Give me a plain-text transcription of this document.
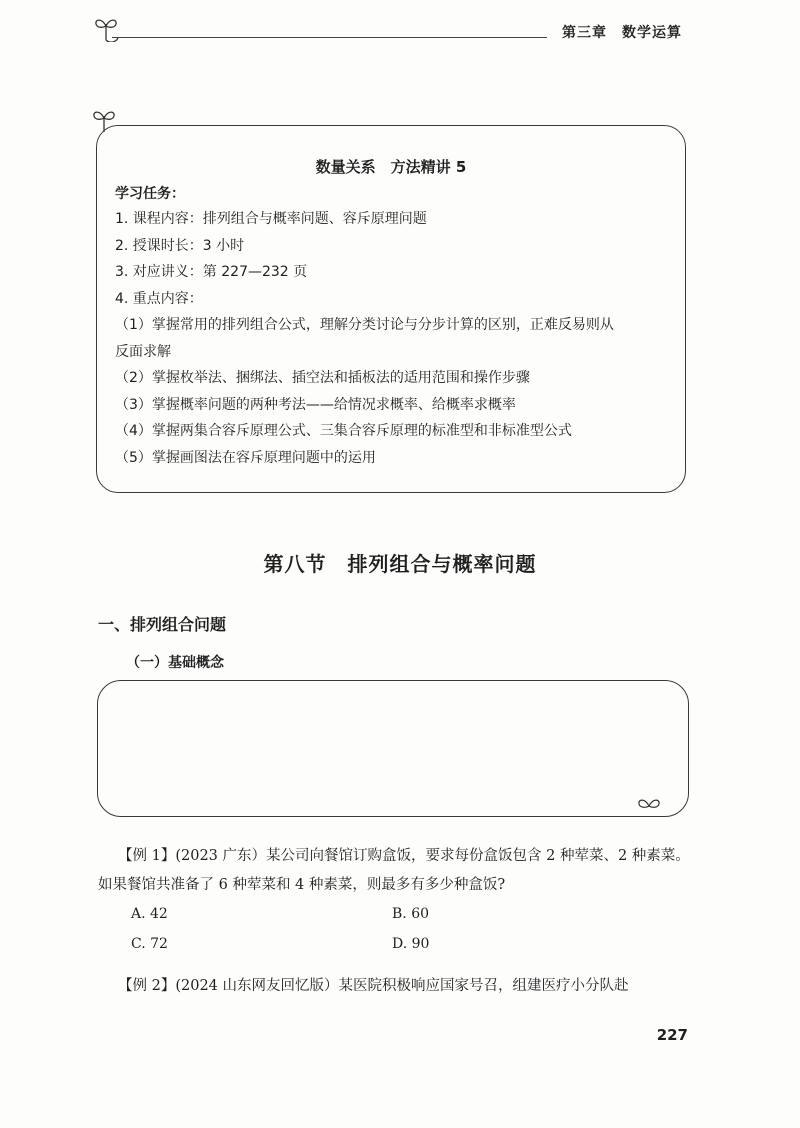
第三章　数学运算
数量关系　方法精讲 5
学习任务：
1. 课程内容：排列组合与概率问题、容斥原理问题
2. 授课时长：3 小时
3. 对应讲义：第 227—232 页
4. 重点内容：
（1）掌握常用的排列组合公式，理解分类讨论与分步计算的区别，正难反易则从
反面求解
（2）掌握枚举法、捆绑法、插空法和插板法的适用范围和操作步骤
（3）掌握概率问题的两种考法——给情况求概率、给概率求概率
（4）掌握两集合容斥原理公式、三集合容斥原理的标准型和非标准型公式
（5）掌握画图法在容斥原理问题中的运用
第八节　排列组合与概率问题
一、排列组合问题
（一）基础概念
【例 1】(2023 广东）某公司向餐馆订购盒饭，要求每份盒饭包含 2 种荤菜、2 种素菜。如果餐馆共准备了 6 种荤菜和 4 种素菜，则最多有多少种盒饭?
A. 42	B. 60
C. 72	D. 90
【例 2】(2024 山东网友回忆版）某医院积极响应国家号召，组建医疗小分队赴
227
